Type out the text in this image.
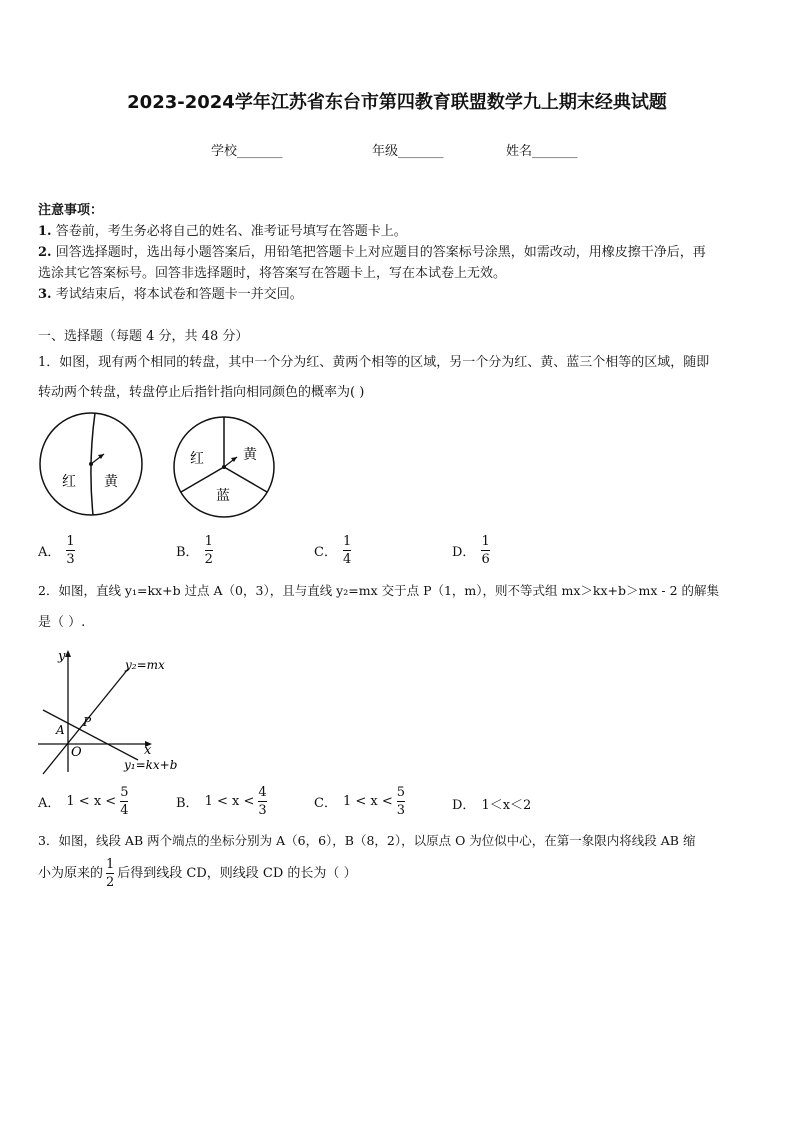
2023-2024学年江苏省东台市第四教育联盟数学九上期末经典试题
学校_______	年级_______	姓名_______
注意事项：
1. 答卷前，考生务必将自己的姓名、准考证号填写在答题卡上。
2. 回答选择题时，选出每小题答案后，用铅笔把答题卡上对应题目的答案标号涂黑，如需改动，用橡皮擦干净后，再
选涂其它答案标号。回答非选择题时，将答案写在答题卡上，写在本试卷上无效。
3. 考试结束后，将本试卷和答题卡一并交回。
一、选择题（每题 4 分，共 48 分）
1．如图，现有两个相同的转盘，其中一个分为红、黄两个相等的区域，另一个分为红、黄、蓝三个相等的区域，随即
转动两个转盘，转盘停止后指针指向相同颜色的概率为( )
红 黄
红	黄
蓝
A． $\frac{1}{3}$	B． $\frac{1}{2}$	C． $\frac{1}{4}$	D． $\frac{1}{6}$
2．如图，直线 y₁=kx+b 过点 A（0，3），且与直线 y₂=mx 交于点 P（1，m），则不等式组 mx＞kx+b＞mx - 2 的解集
是（ ）.
y
x
O
y₂=mx
y₁=kx+b
A
P
A． $1 < x < \frac{5}{4}$	B． $1 < x < \frac{4}{3}$	C． $1 < x < \frac{5}{3}$	D． 1＜x＜2
3．如图，线段 AB 两个端点的坐标分别为 A（6，6），B（8，2），以原点 O 为位似中心，在第一象限内将线段 AB 缩
小为原来的 $\frac{1}{2}$ 后得到线段 CD，则线段 CD 的长为（ ）
